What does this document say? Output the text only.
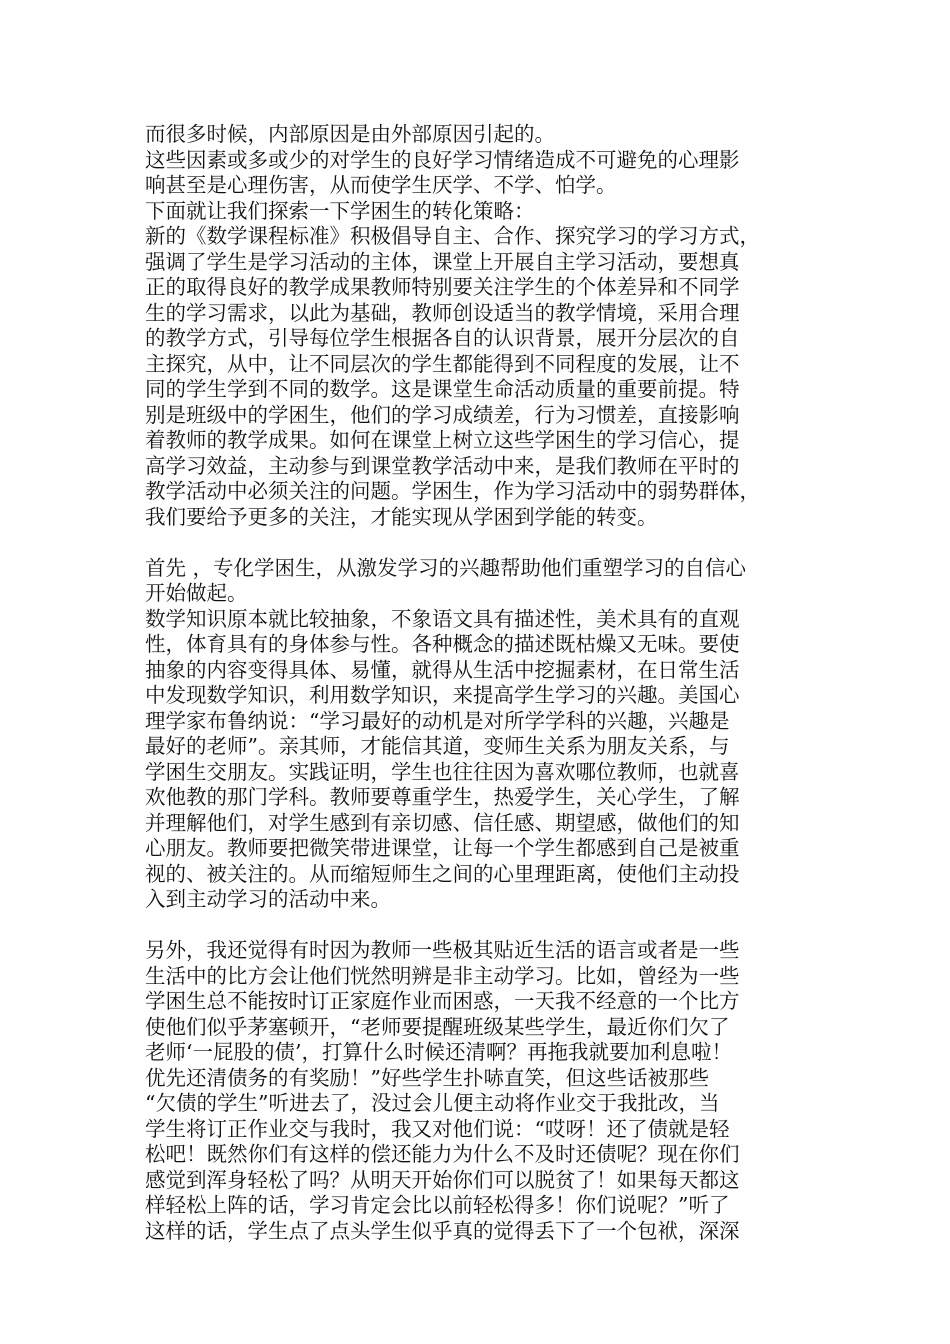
而很多时候，内部原因是由外部原因引起的。
这些因素或多或少的对学生的良好学习情绪造成不可避免的心理影
响甚至是心理伤害，从而使学生厌学、不学、怕学。
下面就让我们探索一下学困生的转化策略：
新的《数学课程标准》积极倡导自主、合作、探究学习的学习方式，
强调了学生是学习活动的主体，课堂上开展自主学习活动，要想真
正的取得良好的教学成果教师特别要关注学生的个体差异和不同学
生的学习需求，以此为基础，教师创设适当的教学情境，采用合理
的教学方式，引导每位学生根据各自的认识背景，展开分层次的自
主探究，从中，让不同层次的学生都能得到不同程度的发展，让不
同的学生学到不同的数学。这是课堂生命活动质量的重要前提。特
别是班级中的学困生，他们的学习成绩差，行为习惯差，直接影响
着教师的教学成果。如何在课堂上树立这些学困生的学习信心，提
高学习效益，主动参与到课堂教学活动中来，是我们教师在平时的
教学活动中必须关注的问题。学困生，作为学习活动中的弱势群体，
我们要给予更多的关注，才能实现从学困到学能的转变。
首先 ，专化学困生，从激发学习的兴趣帮助他们重塑学习的自信心
开始做起。
数学知识原本就比较抽象，不象语文具有描述性，美术具有的直观
性，体育具有的身体参与性。各种概念的描述既枯燥又无味。要使
抽象的内容变得具体、易懂，就得从生活中挖掘素材，在日常生活
中发现数学知识，利用数学知识，来提高学生学习的兴趣。美国心
理学家布鲁纳说：“学习最好的动机是对所学学科的兴趣，兴趣是
最好的老师”。亲其师，才能信其道，变师生关系为朋友关系，与
学困生交朋友。实践证明，学生也往往因为喜欢哪位教师，也就喜
欢他教的那门学科。教师要尊重学生，热爱学生，关心学生，了解
并理解他们，对学生感到有亲切感、信任感、期望感，做他们的知
心朋友。教师要把微笑带进课堂，让每一个学生都感到自己是被重
视的、被关注的。从而缩短师生之间的心里理距离，使他们主动投
入到主动学习的活动中来。
另外，我还觉得有时因为教师一些极其贴近生活的语言或者是一些
生活中的比方会让他们恍然明辨是非主动学习。比如，曾经为一些
学困生总不能按时订正家庭作业而困惑，一天我不经意的一个比方
使他们似乎茅塞顿开，“老师要提醒班级某些学生，最近你们欠了
老师‘一屁股的债’，打算什么时候还清啊？再拖我就要加利息啦！
优先还清债务的有奖励！”好些学生扑哧直笑，但这些话被那些
“欠债的学生”听进去了，没过会儿便主动将作业交于我批改，当
学生将订正作业交与我时，我又对他们说：“哎呀！还了债就是轻
松吧！既然你们有这样的偿还能力为什么不及时还债呢？现在你们
感觉到浑身轻松了吗？从明天开始你们可以脱贫了！如果每天都这
样轻松上阵的话，学习肯定会比以前轻松得多！你们说呢？”听了
这样的话，学生点了点头学生似乎真的觉得丢下了一个包袱，深深
